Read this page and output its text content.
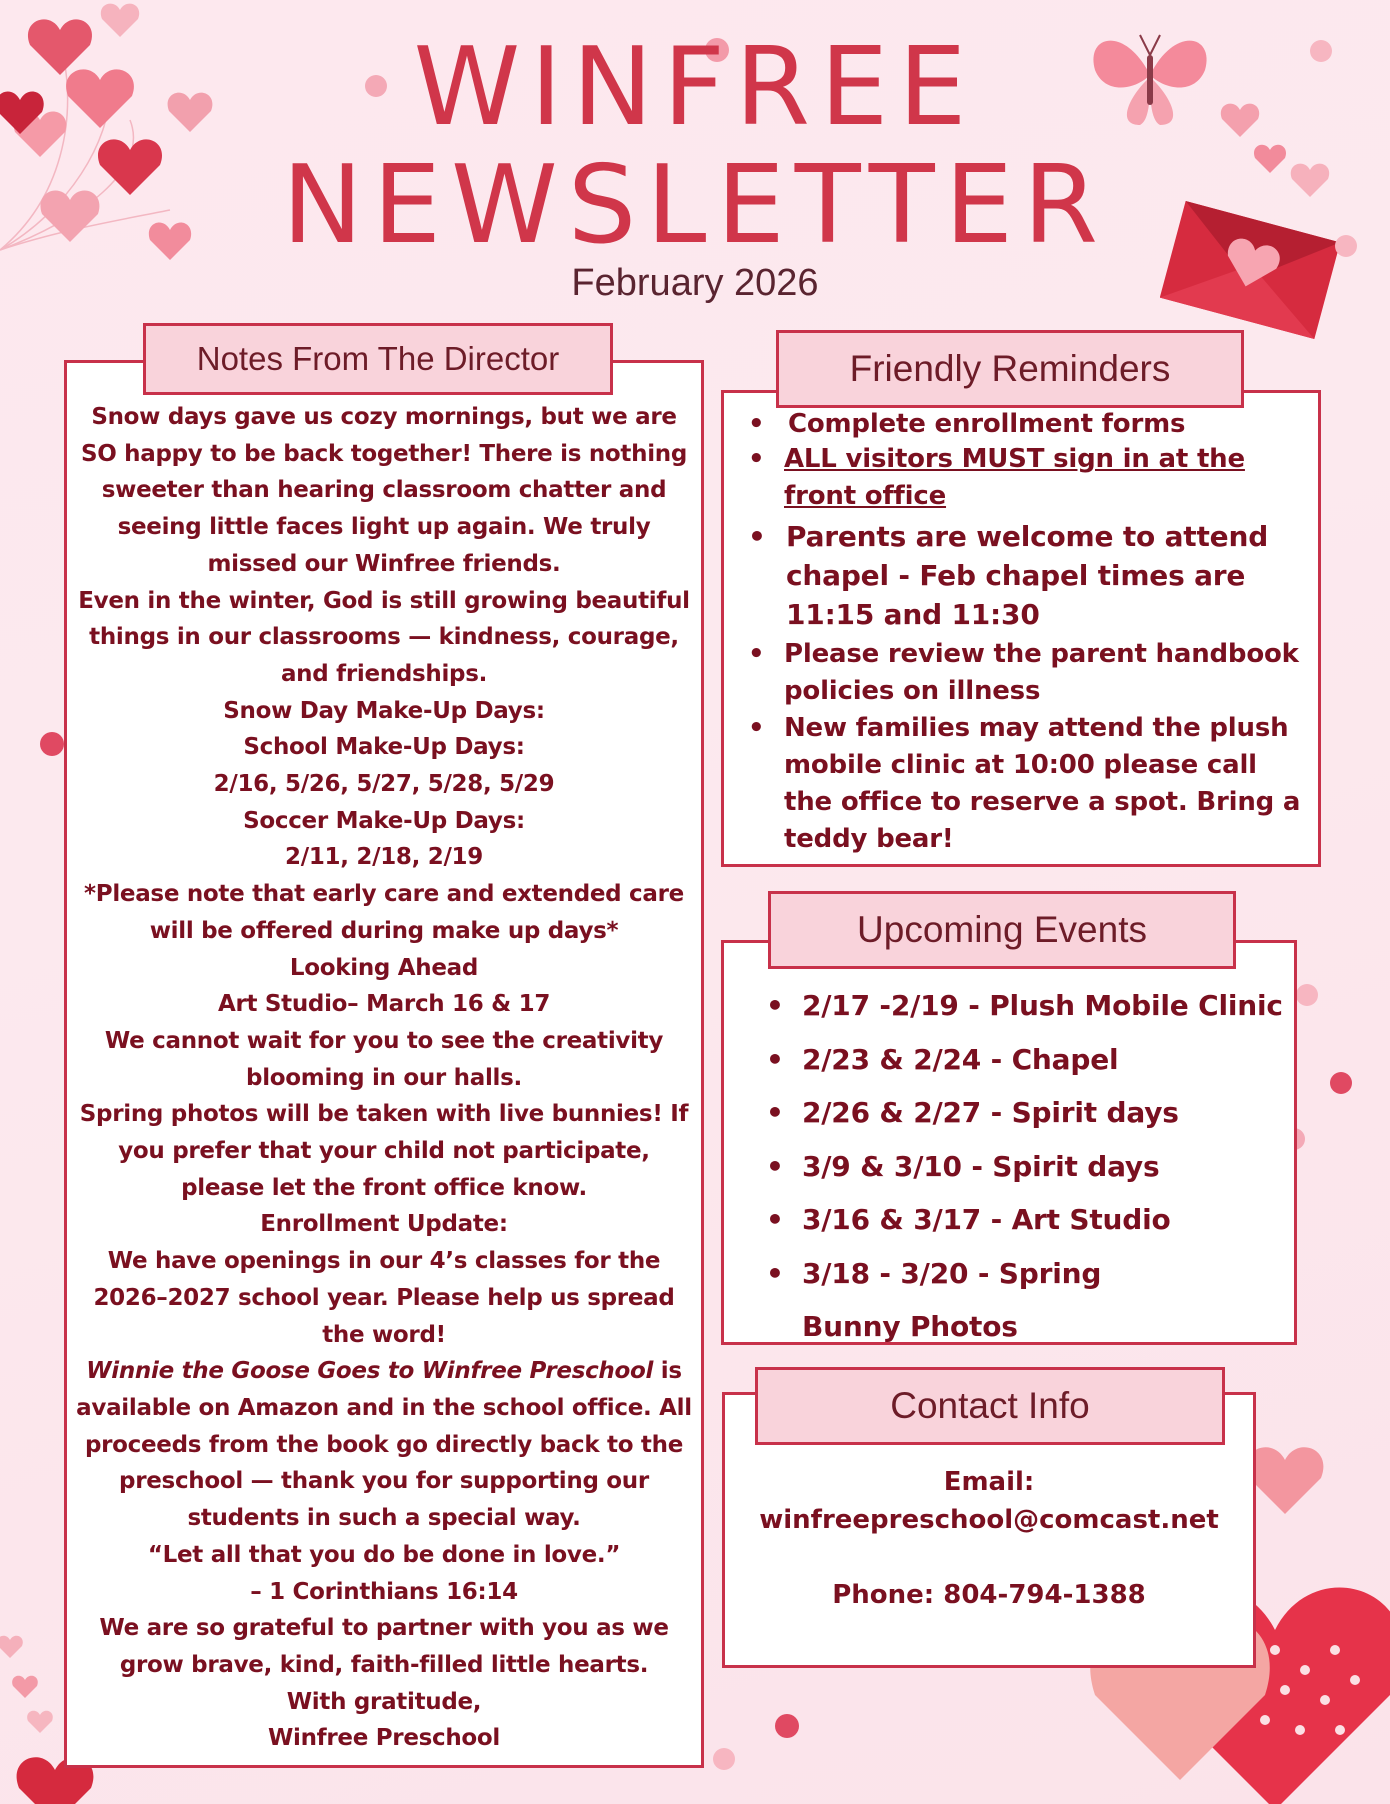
WINFREE
NEWSLETTER
February 2026

Snow days gave us cozy mornings, but we are SO happy to be back together! There is nothing sweeter than hearing classroom chatter and seeing little faces light up again. We truly missed our Winfree friends.

Even in the winter, God is still growing beautiful things in our classrooms — kindness, courage, and friendships.

Snow Day Make-Up Days:

School Make-Up Days:

2/16, 5/26, 5/27, 5/28, 5/29

Soccer Make-Up Days:

2/11, 2/18, 2/19

*Please note that early care and extended care will be offered during make up days*

Looking Ahead

Art Studio– March 16 & 17

We cannot wait for you to see the creativity blooming in our halls.

Spring photos will be taken with live bunnies! If you prefer that your child not participate, please let the front office know.

Enrollment Update:

We have openings in our 4’s classes for the 2026–2027 school year. Please help us spread the word!

Winnie the Goose Goes to Winfree Preschool is available on Amazon and in the school office. All proceeds from the book go directly back to the preschool — thank you for supporting our students in such a special way.

“Let all that you do be done in love.”

– 1 Corinthians 16:14

We are so grateful to partner with you as we grow brave, kind, faith-filled little hearts.

With gratitude,

Winfree Preschool

Notes From The Director
• Complete enrollment forms
• ALL visitors MUST sign in at the front office
• Parents are welcome to attend chapel - Feb chapel times are 11:15 and 11:30
• Please review the parent handbook policies on illness
• New families may attend the plush mobile clinic at 10:00 please call the office to reserve a spot. Bring a teddy bear!
Friendly Reminders
• 2/17 -2/19 - Plush Mobile Clinic
• 2/23 & 2/24 - Chapel
• 2/26 & 2/27 - Spirit days
• 3/9 & 3/10 - Spirit days
• 3/16 & 3/17 - Art Studio
• 3/18 - 3/20 - Spring Bunny Photos
Upcoming Events
Email:
winfreepreschool@comcast.net
Phone: 804-794-1388
Contact Info
